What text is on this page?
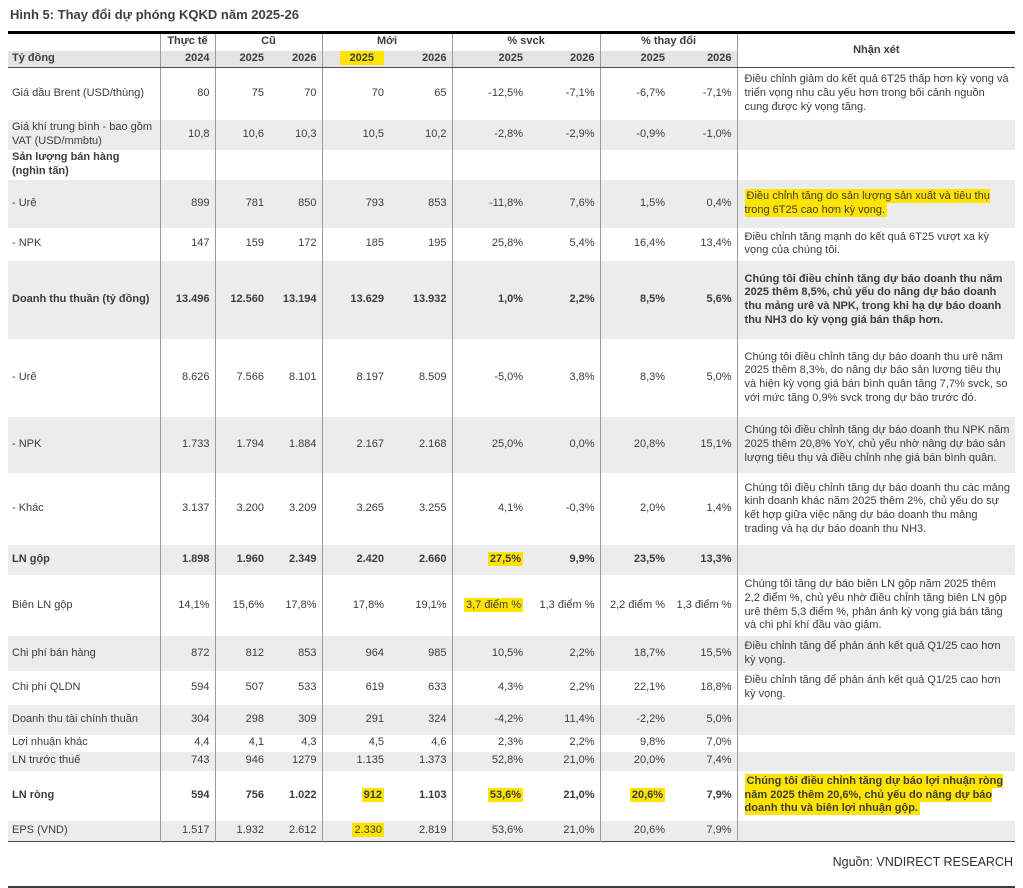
Hình 5: Thay đổi dự phóng KQKD năm 2025-26
	Thực tế	Cũ		Mới		% svck		% thay đổi		Nhận xét
Tỷ đồng	2024	2025	2026	2025	2026	2025	2026	2025	2026	
Giá dầu Brent (USD/thùng)	80	75	70	70	65	-12,5%	-7,1%	-6,7%	-7,1%	Điều chỉnh giảm do kết quả 6T25 thấp hơn kỳ vọng và triển vọng nhu cầu yếu hơn trong bối cảnh nguồn cung được kỳ vọng tăng.
Giá khí trung bình - bao gồm VAT (USD/mmbtu)	10,8	10,6	10,3	10,5	10,2	-2,8%	-2,9%	-0,9%	-1,0%	
Sản lượng bán hàng (nghìn tấn)										
- Urê	899	781	850	793	853	-11,8%	7,6%	1,5%	0,4%	Điều chỉnh tăng do sản lượng sản xuất và tiêu thụ trong 6T25 cao hơn kỳ vọng.
- NPK	147	159	172	185	195	25,8%	5,4%	16,4%	13,4%	Điều chỉnh tăng mạnh do kết quả 6T25 vượt xa kỳ vọng của chúng tôi.
Doanh thu thuần (tỷ đồng)	13.496	12.560	13.194	13.629	13.932	1,0%	2,2%	8,5%	5,6%	Chúng tôi điều chỉnh tăng dự báo doanh thu năm 2025 thêm 8,5%, chủ yếu do nâng dự báo doanh thu mảng urê và NPK, trong khi hạ dự báo doanh thu NH3 do kỳ vọng giá bán thấp hơn.
- Urê	8.626	7.566	8.101	8.197	8.509	-5,0%	3,8%	8,3%	5,0%	Chúng tôi điều chỉnh tăng dự báo doanh thu urê năm 2025 thêm 8,3%, do nâng dự báo sản lượng tiêu thụ và hiện kỳ vọng giá bán bình quân tăng 7,7% svck, so với mức tăng 0,9% svck trong dự báo trước đó.
- NPK	1.733	1.794	1.884	2.167	2.168	25,0%	0,0%	20,8%	15,1%	Chúng tôi điều chỉnh tăng dự báo doanh thu NPK năm 2025 thêm 20,8% YoY, chủ yếu nhờ nâng dự báo sản lượng tiêu thụ và điều chỉnh nhẹ giá bán bình quân.
- Khác	3.137	3.200	3.209	3.265	3.255	4,1%	-0,3%	2,0%	1,4%	Chúng tôi điều chỉnh tăng dự báo doanh thu các mảng kinh doanh khác năm 2025 thêm 2%, chủ yếu do sự kết hợp giữa việc nâng dự báo doanh thu mảng trading và hạ dự báo doanh thu NH3.
LN gộp	1.898	1.960	2.349	2.420	2.660	27,5%	9,9%	23,5%	13,3%	
Biên LN gộp	14,1%	15,6%	17,8%	17,8%	19,1%	3,7 điểm %	1,3 điểm %	2,2 điểm %	1,3 điểm %	Chúng tôi tăng dự báo biên LN gộp năm 2025 thêm 2,2 điểm %, chủ yếu nhờ điều chỉnh tăng biên LN gộp urê thêm 5,3 điểm %, phản ánh kỳ vọng giá bán tăng và chi phí khí đầu vào giảm.
Chi phí bán hàng	872	812	853	964	985	10,5%	2,2%	18,7%	15,5%	Điều chỉnh tăng để phản ánh kết quả Q1/25 cao hơn kỳ vọng.
Chi phí QLDN	594	507	533	619	633	4,3%	2,2%	22,1%	18,8%	Điều chỉnh tăng để phản ánh kết quả Q1/25 cao hơn kỳ vọng.
Doanh thu tài chính thuần	304	298	309	291	324	-4,2%	11,4%	-2,2%	5,0%	
Lợi nhuận khác	4,4	4,1	4,3	4,5	4,6	2,3%	2,2%	9,8%	7,0%	
LN trước thuế	743	946	1279	1.135	1.373	52,8%	21,0%	20,0%	7,4%	
LN ròng	594	756	1.022	912	1.103	53,6%	21,0%	20,6%	7,9%	Chúng tôi điều chỉnh tăng dự báo lợi nhuận ròng năm 2025 thêm 20,6%, chủ yếu do nâng dự báo doanh thu và biên lợi nhuận gộp.
EPS (VND)	1.517	1.932	2.612	2.330	2.819	53,6%	21,0%	20,6%	7,9%	
Nguồn: VNDIRECT RESEARCH
